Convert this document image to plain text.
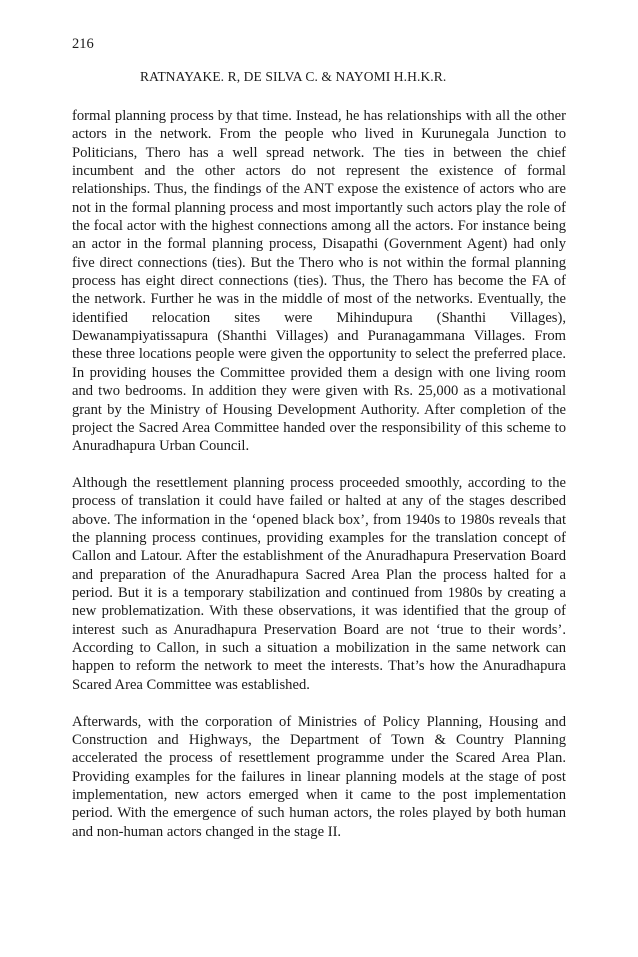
216
RATNAYAKE. R, DE SILVA C. & NAYOMI H.H.K.R.

formal planning process by that time. Instead, he has relationships with all the other actors in the network. From the people who lived in Kurunegala Junction to Politicians, Thero has a well spread network. The ties in between the chief incumbent and the other actors do not represent the existence of formal relationships. Thus, the findings of the ANT expose the existence of actors who are not in the formal planning process and most importantly such actors play the role of the focal actor with the highest connections among all the actors. For instance being an actor in the formal planning process, Disapathi (Government Agent) had only five direct connections (ties). But the Thero who is not within the formal planning process has eight direct connections (ties). Thus, the Thero has become the FA of the network. Further he was in the middle of most of the networks. Eventually, the identified relocation sites were Mihindupura (Shanthi Villages), Dewanampiyatissapura (Shanthi Villages) and Puranagammana Villages. From these three locations people were given the opportunity to select the preferred place. In providing houses the Committee provided them a design with one living room and two bedrooms. In addition they were given with Rs. 25,000 as a motivational grant by the Ministry of Housing Development Authority. After completion of the project the Sacred Area Committee handed over the responsibility of this scheme to Anuradhapura Urban Council.

Although the resettlement planning process proceeded smoothly, according to the process of translation it could have failed or halted at any of the stages described above. The information in the ‘opened black box’, from 1940s to 1980s reveals that the planning process continues, providing examples for the translation concept of Callon and Latour. After the establishment of the Anuradhapura Preservation Board and preparation of the Anuradhapura Sacred Area Plan the process halted for a period. But it is a temporary stabilization and continued from 1980s by creating a new problematization. With these observations, it was identified that the group of interest such as Anuradhapura Preservation Board are not ‘true to their words’. According to Callon, in such a situation a mobilization in the same network can happen to reform the network to meet the interests. That’s how the Anuradhapura Scared Area Committee was established.

Afterwards, with the corporation of Ministries of Policy Planning, Housing and Construction and Highways, the Department of Town & Country Planning accelerated the process of resettlement programme under the Scared Area Plan. Providing examples for the failures in linear planning models at the stage of post implementation, new actors emerged when it came to the post implementation period. With the emergence of such human actors, the roles played by both human and non-human actors changed in the stage II.
